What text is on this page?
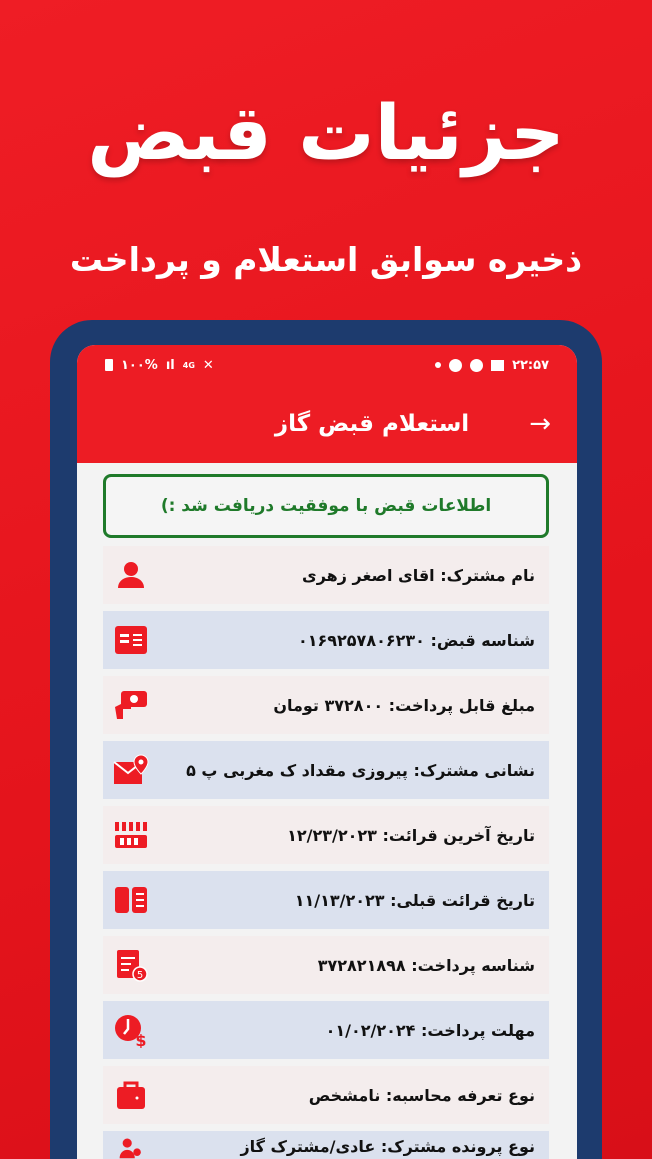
جزئیات قبض
ذخیره سوابق استعلام و پرداخت
۱۰۰% ıl 4G ✕	۲۲:۵۷
استعلام قبض گاز →
اطلاعات قبض با موفقیت دریافت شد :)
نام مشترک: اقای اصغر زهری
شناسه قبض: ۰۱۶۹۲۵۷۸۰۶۲۳۰
مبلغ قابل پرداخت: ۳۷۲۸۰۰ تومان
نشانی مشترک: پیروزی مقداد ک مغربی پ ۵
تاریخ آخرین قرائت: ۱۲/۲۳/۲۰۲۳
تاریخ قرائت قبلی: ۱۱/۱۳/۲۰۲۳
5
شناسه پرداخت: ۳۷۲۸۲۱۸۹۸
$
مهلت پرداخت: ۰۱/۰۲/۲۰۲۴
نوع تعرفه محاسبه: نامشخص
نوع پرونده مشترک: عادی/مشترک گاز
